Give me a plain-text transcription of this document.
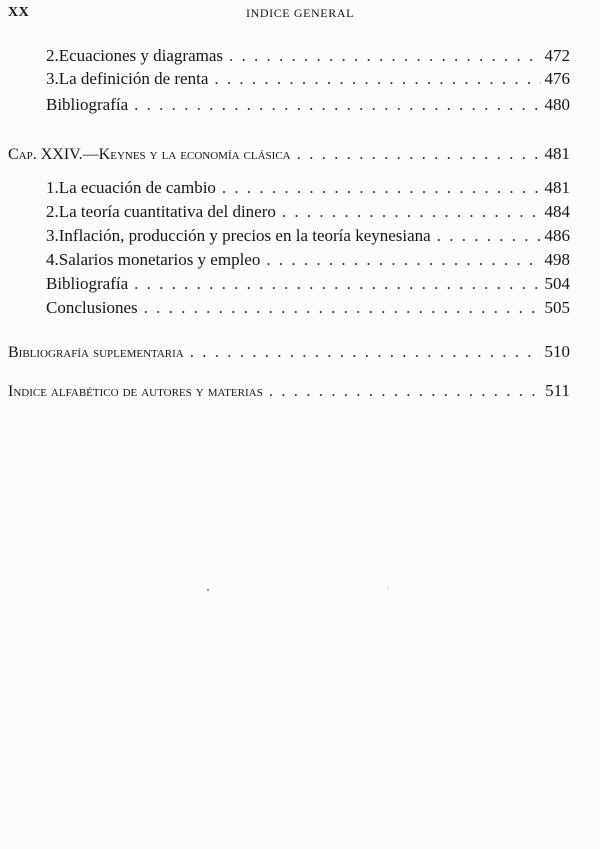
XX	INDICE GENERAL
2. Ecuaciones y diagramas . . .	472
3. La definición de renta . . .	476
Bibliografía . . .	480
Cap. XXIV.—Keynes y la economía clásica . . .	481
1. La ecuación de cambio . . .	481
2. La teoría cuantitativa del dinero . . .	484
3. Inflación, producción y precios en la teoría keynesiana . . .	486
4. Salarios monetarios y empleo . . .	498
Bibliografía . . .	504
Conclusiones . . .	505
Bibliografía suplementaria . . .	510
Indice alfabético de autores y materias . . .	511
